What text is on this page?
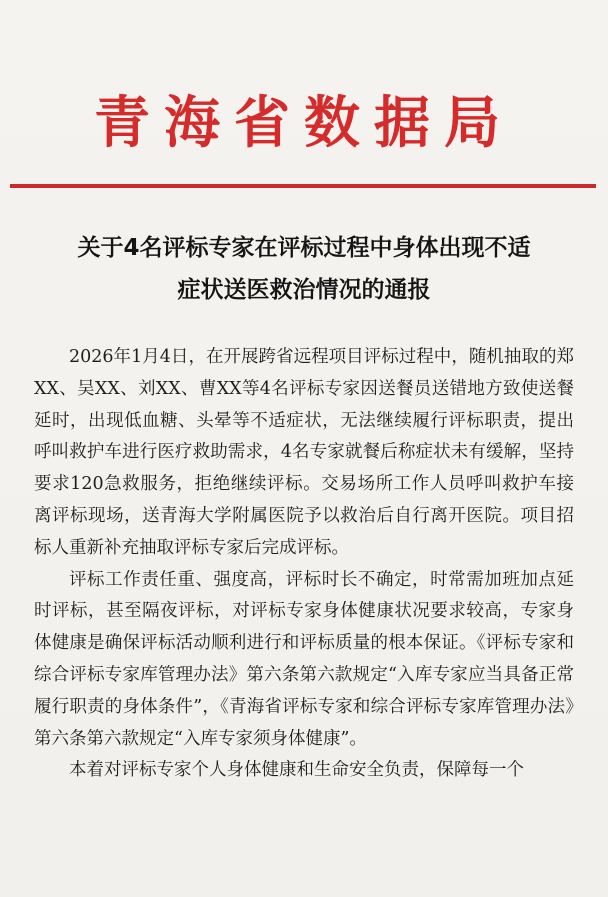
青海省数据局
关于4名评标专家在评标过程中身体出现不适
症状送医救治情况的通报

2026年1月4日，在开展跨省远程项目评标过程中，随机抽取的郑XX、吴XX、刘XX、曹XX等4名评标专家因送餐员送错地方致使送餐延时，出现低血糖、头晕等不适症状，无法继续履行评标职责，提出呼叫救护车进行医疗救助需求，4名专家就餐后称症状未有缓解，坚持要求120急救服务，拒绝继续评标。交易场所工作人员呼叫救护车接离评标现场，送青海大学附属医院予以救治后自行离开医院。项目招标人重新补充抽取评标专家后完成评标。

评标工作责任重、强度高，评标时长不确定，时常需加班加点延时评标，甚至隔夜评标，对评标专家身体健康状况要求较高，专家身体健康是确保评标活动顺利进行和评标质量的根本保证。《评标专家和综合评标专家库管理办法》第六条第六款规定“入库专家应当具备正常履行职责的身体条件”，《青海省评标专家和综合评标专家库管理办法》第六条第六款规定“入库专家须身体健康”。

本着对评标专家个人身体健康和生命安全负责，保障每一个
